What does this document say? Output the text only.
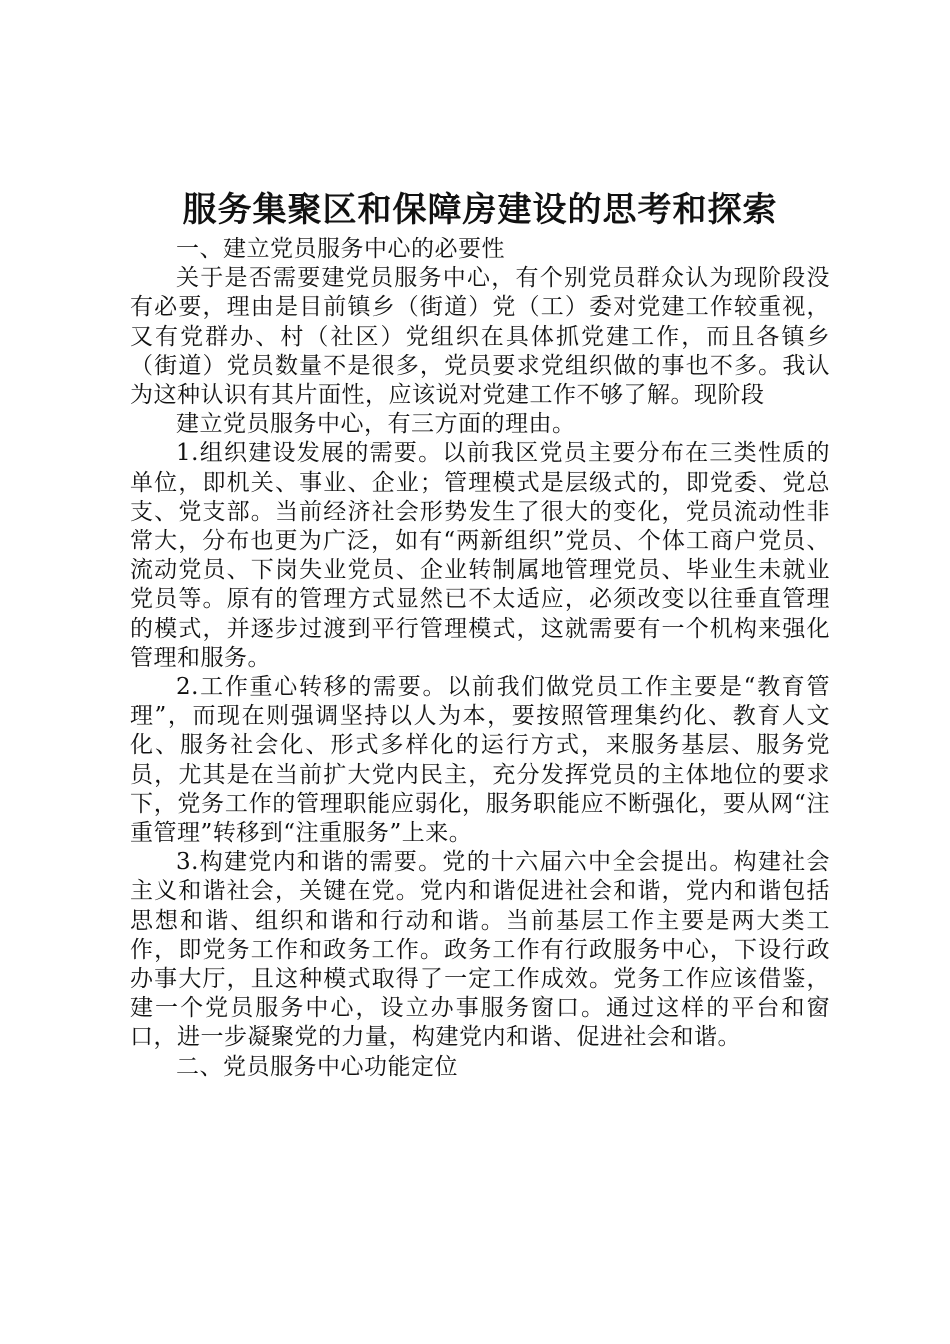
服务集聚区和保障房建设的思考和探索

一、建立党员服务中心的必要性

关于是否需要建党员服务中心，有个别党员群众认为现阶段没有必要，理由是目前镇乡（街道）党（工）委对党建工作较重视，又有党群办、村（社区）党组织在具体抓党建工作，而且各镇乡（街道）党员数量不是很多，党员要求党组织做的事也不多。我认为这种认识有其片面性，应该说对党建工作不够了解。现阶段

建立党员服务中心，有三方面的理由。

1.组织建设发展的需要。以前我区党员主要分布在三类性质的单位，即机关、事业、企业；管理模式是层级式的，即党委、党总支、党支部。当前经济社会形势发生了很大的变化，党员流动性非常大，分布也更为广泛，如有“两新组织”党员、个体工商户党员、流动党员、下岗失业党员、企业转制属地管理党员、毕业生未就业党员等。原有的管理方式显然已不太适应，必须改变以往垂直管理的模式，并逐步过渡到平行管理模式，这就需要有一个机构来强化管理和服务。

2.工作重心转移的需要。以前我们做党员工作主要是“教育管理”，而现在则强调坚持以人为本，要按照管理集约化、教育人文化、服务社会化、形式多样化的运行方式，来服务基层、服务党员，尤其是在当前扩大党内民主，充分发挥党员的主体地位的要求下，党务工作的管理职能应弱化，服务职能应不断强化，要从网“注重管理”转移到“注重服务”上来。

3.构建党内和谐的需要。党的十六届六中全会提出。构建社会主义和谐社会，关键在党。党内和谐促进社会和谐，党内和谐包括思想和谐、组织和谐和行动和谐。当前基层工作主要是两大类工作，即党务工作和政务工作。政务工作有行政服务中心，下设行政办事大厅，且这种模式取得了一定工作成效。党务工作应该借鉴，建一个党员服务中心，设立办事服务窗口。通过这样的平台和窗口，进一步凝聚党的力量，构建党内和谐、促进社会和谐。

二、党员服务中心功能定位
